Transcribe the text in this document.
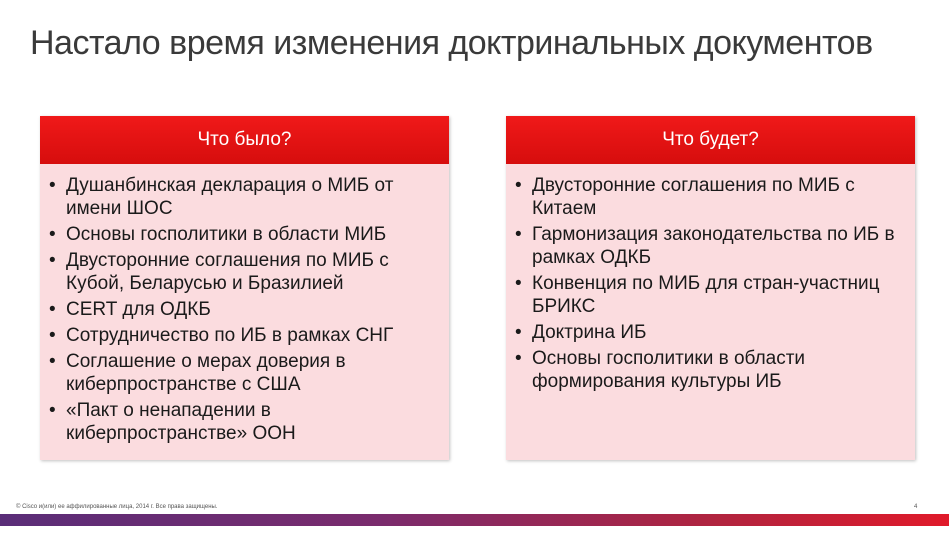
Настало время изменения доктринальных документов
Что было?
• Душанбинская декларация о МИБ от имени ШОС
• Основы госполитики в области МИБ
• Двусторонние соглашения по МИБ с Кубой, Беларусью и Бразилией
• CERT для ОДКБ
• Сотрудничество по ИБ в рамках СНГ
• Соглашение о мерах доверия в киберпространстве с США
• «Пакт о ненападении в киберпространстве» ООН
Что будет?
• Двусторонние соглашения по МИБ с Китаем
• Гармонизация законодательства по ИБ в рамках ОДКБ
• Конвенция по МИБ для стран-участниц БРИКС
• Доктрина ИБ
• Основы госполитики в области формирования культуры ИБ
© Cisco и(или) ее аффилированные лица, 2014 г. Все права защищены.	4
